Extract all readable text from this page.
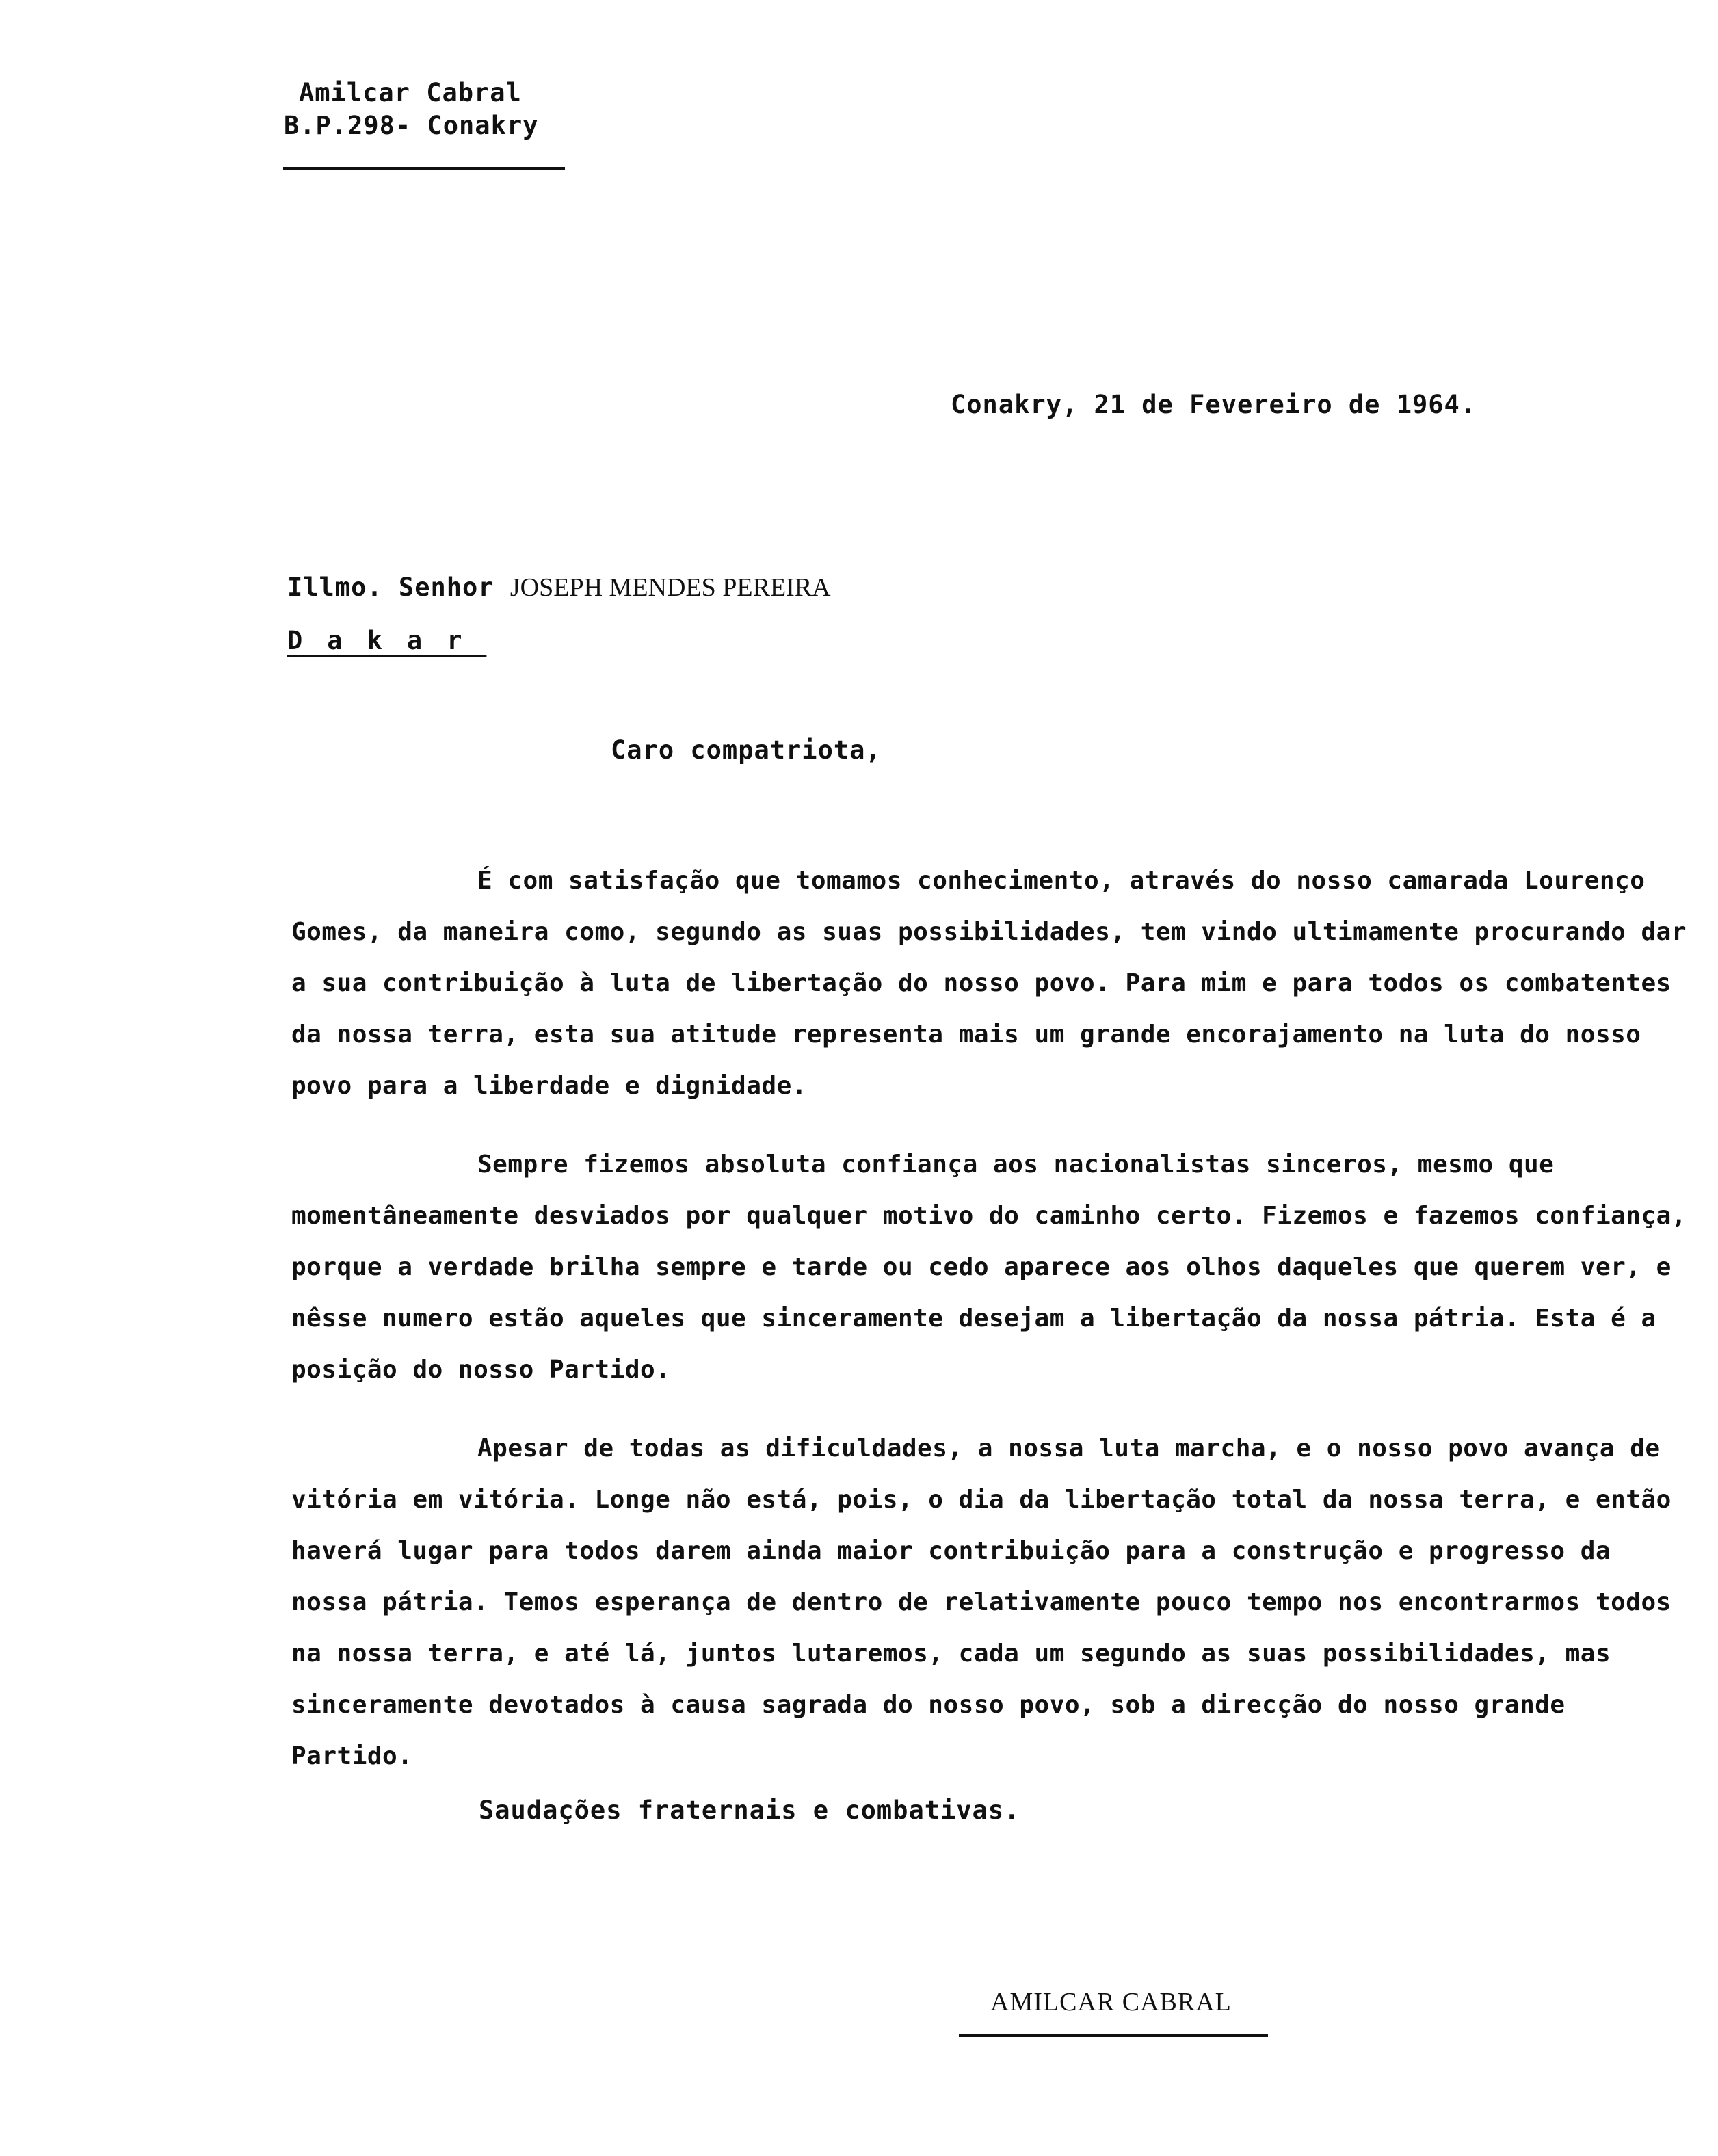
Amilcar Cabral
B.P.298- Conakry
Conakry, 21 de Fevereiro de 1964.
Illmo. Senhor JOSEPH MENDES PEREIRA
Dakar
Caro compatriota,

É com satisfação que tomamos conhecimento, através do nosso camarada Lourenço Gomes, da maneira como, segundo as suas possibilidades, tem vindo ultimamente procurando dar a sua contribuição à luta de libertação do nosso povo. Para mim e para todos os combatentes da nossa terra, esta sua atitude representa mais um grande encorajamento na luta do nosso povo para a liberdade e dignidade.

Sempre fizemos absoluta confiança aos nacionalistas sinceros, mesmo que momentâneamente desviados por qualquer motivo do caminho certo. Fizemos e fazemos confiança, porque a verdade brilha sempre e tarde ou cedo aparece aos olhos daqueles que querem ver, e nêsse numero estão aqueles que sinceramente desejam a libertação da nossa pátria. Esta é a posição do nosso Partido.

Apesar de todas as dificuldades, a nossa luta marcha, e o nosso povo avança de vitória em vitória. Longe não está, pois, o dia da libertação total da nossa terra, e então haverá lugar para todos darem ainda maior contribuição para a construção e progresso da nossa pátria. Temos esperança de dentro de relativamente pouco tempo nos encontrarmos todos na nossa terra, e até lá, juntos lutaremos, cada um segundo as suas possibilidades, mas sinceramente devotados à causa sagrada do nosso povo, sob a direcção do nosso grande Partido.

Saudações fraternais e combativas.
AMILCAR CABRAL
